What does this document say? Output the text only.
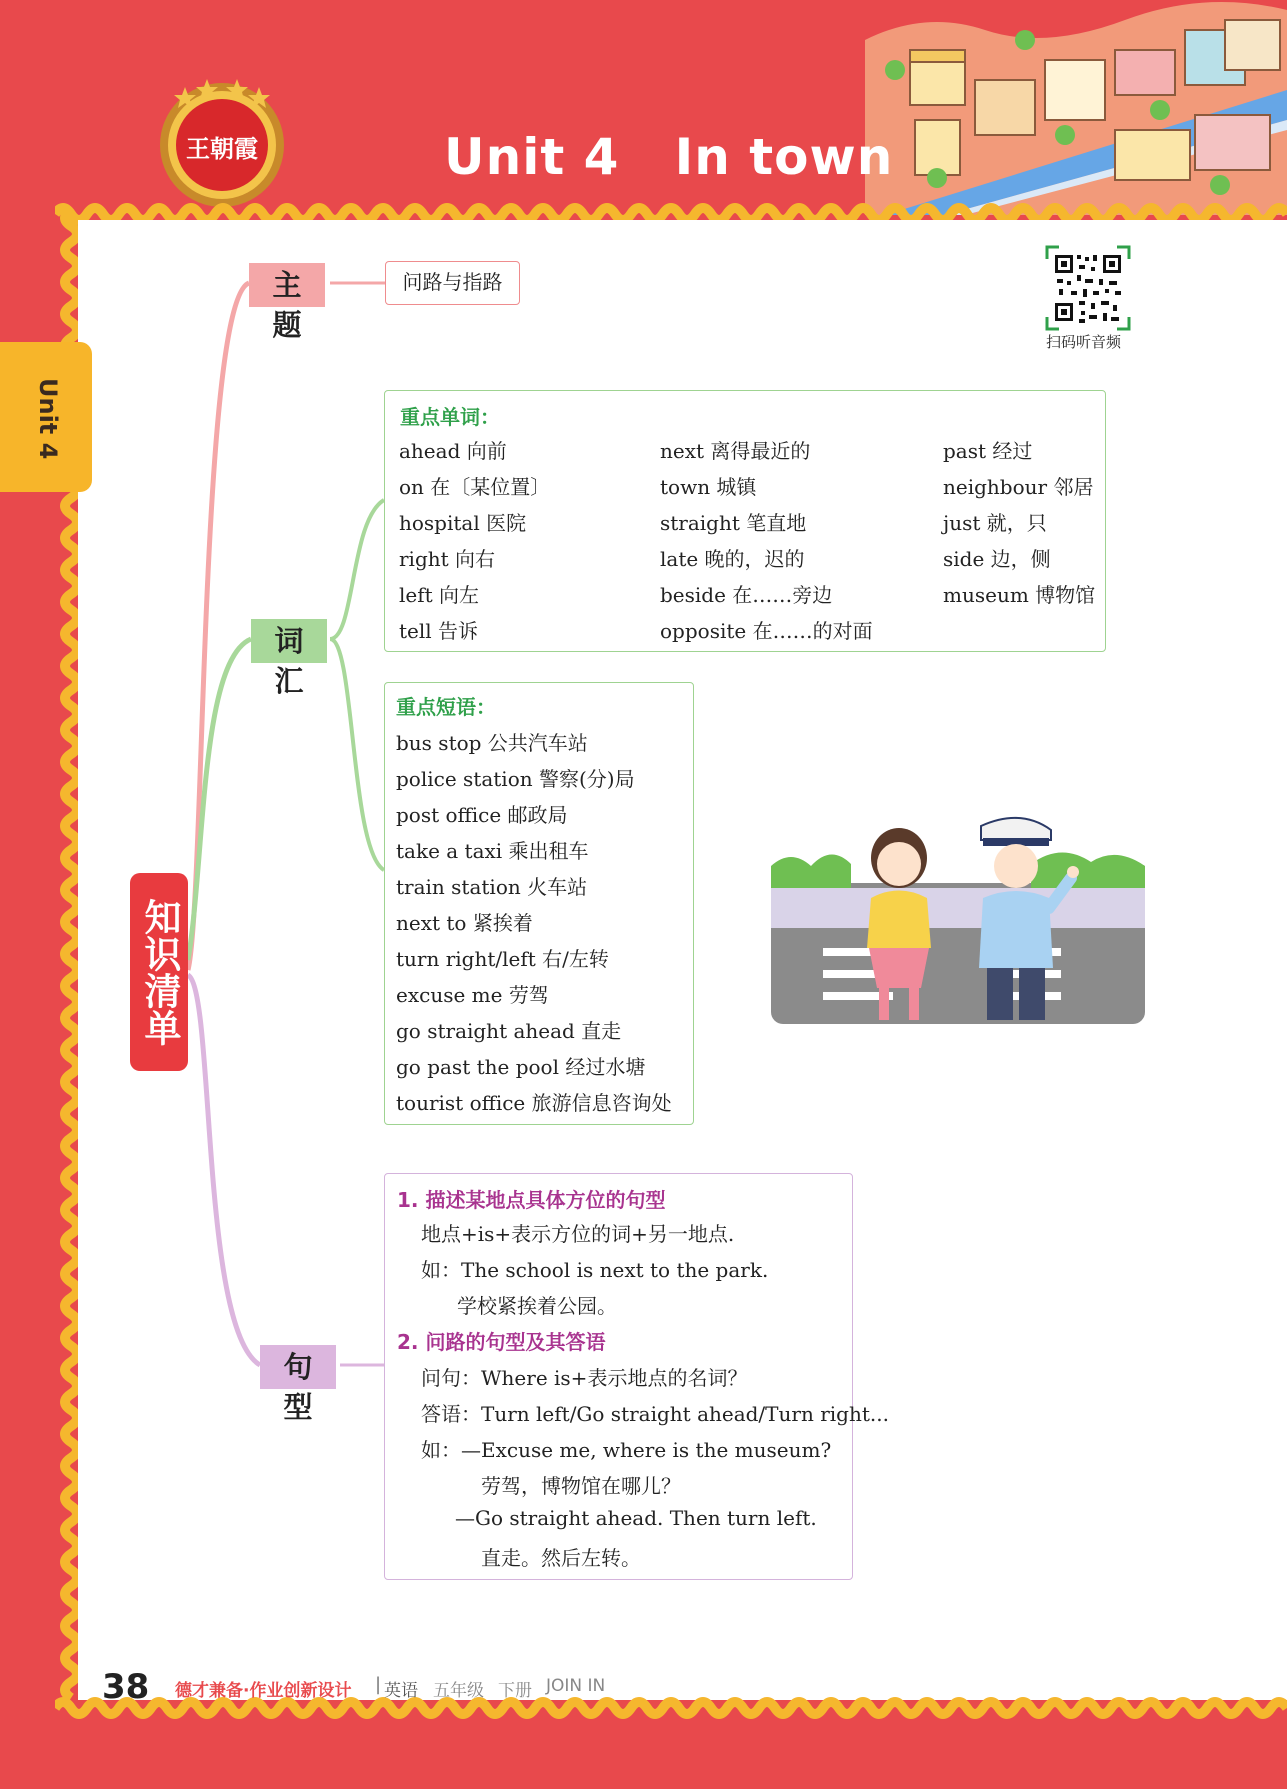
王朝霞	Unit 4   In town
Unit 4
知识清单
主题
词汇
句型
问路与指路
重点单词：
ahead 向前
on 在〔某位置〕
hospital 医院
right 向右
left 向左
tell 告诉
next 离得最近的
town 城镇
straight 笔直地
late 晚的，迟的
beside 在……旁边
opposite 在……的对面
past 经过
neighbour 邻居
just 就，只
side 边，侧
museum 博物馆
重点短语：
bus stop 公共汽车站
police station 警察(分)局
post office 邮政局
take a taxi 乘出租车
train station 火车站
next to 紧挨着
turn right/left 右/左转
excuse me 劳驾
go straight ahead 直走
go past the pool 经过水塘
tourist office 旅游信息咨询处
1. 描述某地点具体方位的句型
地点+is+表示方位的词+另一地点.
如：The school is next to the park.
学校紧挨着公园。
2. 问路的句型及其答语
问句：Where is+表示地点的名词？
答语：Turn left/Go straight ahead/Turn right...
如：—Excuse me, where is the museum?
劳驾，博物馆在哪儿？
—Go straight ahead. Then turn left.
直走。然后左转。
扫码听音频
38 德才兼备·作业创新设计 | 英语 五年级 下册 JOIN IN
